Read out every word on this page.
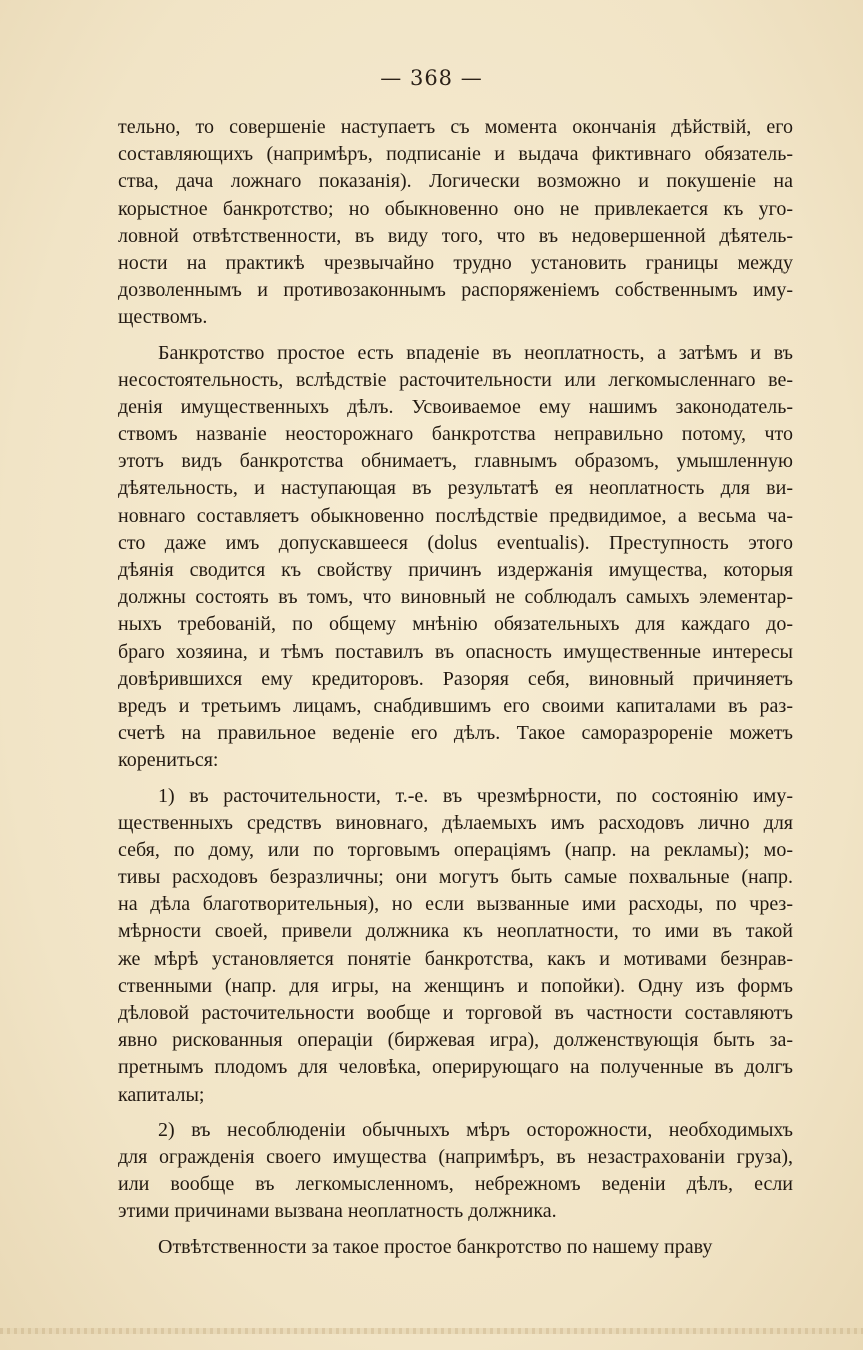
— 368 —
тельно, то совершеніе наступаетъ съ момента окончанія дѣйствій, его
составляющихъ (напримѣръ, подписаніе и выдача фиктивнаго обязатель-
ства, дача ложнаго показанія). Логически возможно и покушеніе на
корыстное банкротство; но обыкновенно оно не привлекается къ уго-
ловной отвѣтственности, въ виду того, что въ недовершенной дѣятель-
ности на практикѣ чрезвычайно трудно установить границы между
дозволеннымъ и противозаконнымъ распоряженіемъ собственнымъ иму-
ществомъ.
Банкротство простое есть впаденіе въ неоплатность, а затѣмъ и въ
несостоятельность, вслѣдствіе расточительности или легкомысленнаго ве-
денія имущественныхъ дѣлъ. Усвоиваемое ему нашимъ законодатель-
ствомъ названіе неосторожнаго банкротства неправильно потому, что
этотъ видъ банкротства обнимаетъ, главнымъ образомъ, умышленную
дѣятельность, и наступающая въ результатѣ ея неоплатность для ви-
новнаго составляетъ обыкновенно послѣдствіе предвидимое, а весьма ча-
сто даже имъ допускавшееся (dolus eventualis). Преступность этого
дѣянія сводится къ свойству причинъ издержанія имущества, которыя
должны состоять въ томъ, что виновный не соблюдалъ самыхъ элементар-
ныхъ требованій, по общему мнѣнію обязательныхъ для каждаго до-
браго хозяина, и тѣмъ поставилъ въ опасность имущественные интересы
довѣрившихся ему кредиторовъ. Разоряя себя, виновный причиняетъ
вредъ и третьимъ лицамъ, снабдившимъ его своими капиталами въ раз-
счетѣ на правильное веденіе его дѣлъ. Такое саморазрореніе можетъ
корениться:
1) въ расточительности, т.-е. въ чрезмѣрности, по состоянію иму-
щественныхъ средствъ виновнаго, дѣлаемыхъ имъ расходовъ лично для
себя, по дому, или по торговымъ операціямъ (напр. на рекламы); мо-
тивы расходовъ безразличны; они могутъ быть самые похвальные (напр.
на дѣла благотворительныя), но если вызванные ими расходы, по чрез-
мѣрности своей, привели должника къ неоплатности, то ими въ такой
же мѣрѣ установляется понятіе банкротства, какъ и мотивами безнрав-
ственными (напр. для игры, на женщинъ и попойки). Одну изъ формъ
дѣловой расточительности вообще и торговой въ частности составляютъ
явно рискованныя операціи (биржевая игра), долженствующія быть за-
претнымъ плодомъ для человѣка, оперирующаго на полученные въ долгъ
капиталы;
2) въ несоблюденіи обычныхъ мѣръ осторожности, необходимыхъ
для огражденія своего имущества (напримѣръ, въ незастрахованіи груза),
или вообще въ легкомысленномъ, небрежномъ веденіи дѣлъ, если
этими причинами вызвана неоплатность должника.
Отвѣтственности за такое простое банкротство по нашему праву
